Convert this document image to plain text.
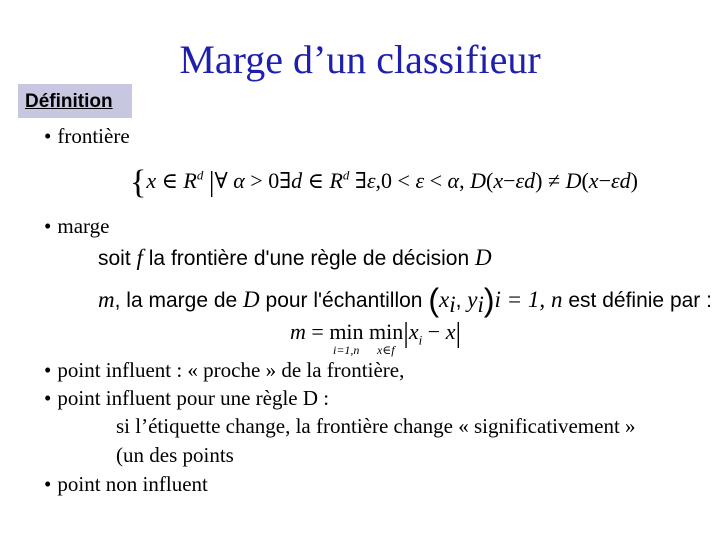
Marge d’un classifieur
Définition
• frontière
{x ∈ $R^d$ |∀ α > 0∃d ∈ $R^d$ ∃ε,0 < ε < α, D(x−εd) ≠ D(x−εd)
• marge
soit f la frontière d'une règle de décision D
m, la marge de D pour l'échantillon (xi, yi)i = 1, n est définie par :
$m = \min \min|x_i - x|$
i=1,n x∈f
• point influent : « proche » de la frontière,
• point influent pour une règle D :
si l’étiquette change, la frontière change « significativement »
(un des points
• point non influent
